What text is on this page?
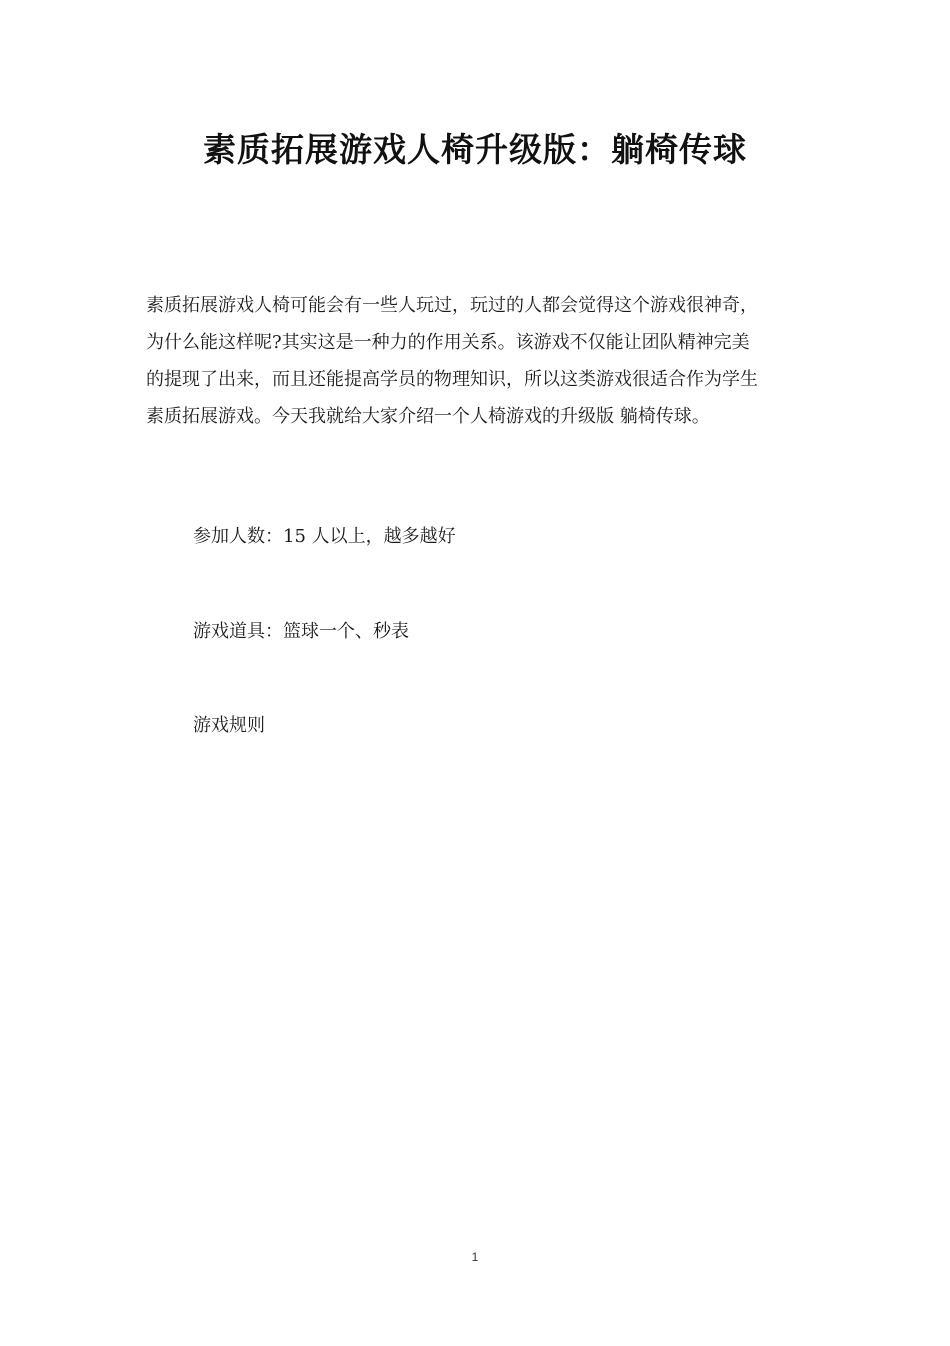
素质拓展游戏人椅升级版：躺椅传球

素质拓展游戏人椅可能会有一些人玩过，玩过的人都会觉得这个游戏很神奇，
为什么能这样呢?其实这是一种力的作用关系。该游戏不仅能让团队精神完美
的提现了出来，而且还能提高学员的物理知识，所以这类游戏很适合作为学生
素质拓展游戏。今天我就给大家介绍一个人椅游戏的升级版 躺椅传球。

参加人数：15 人以上，越多越好

游戏道具：篮球一个、秒表

游戏规则

1
